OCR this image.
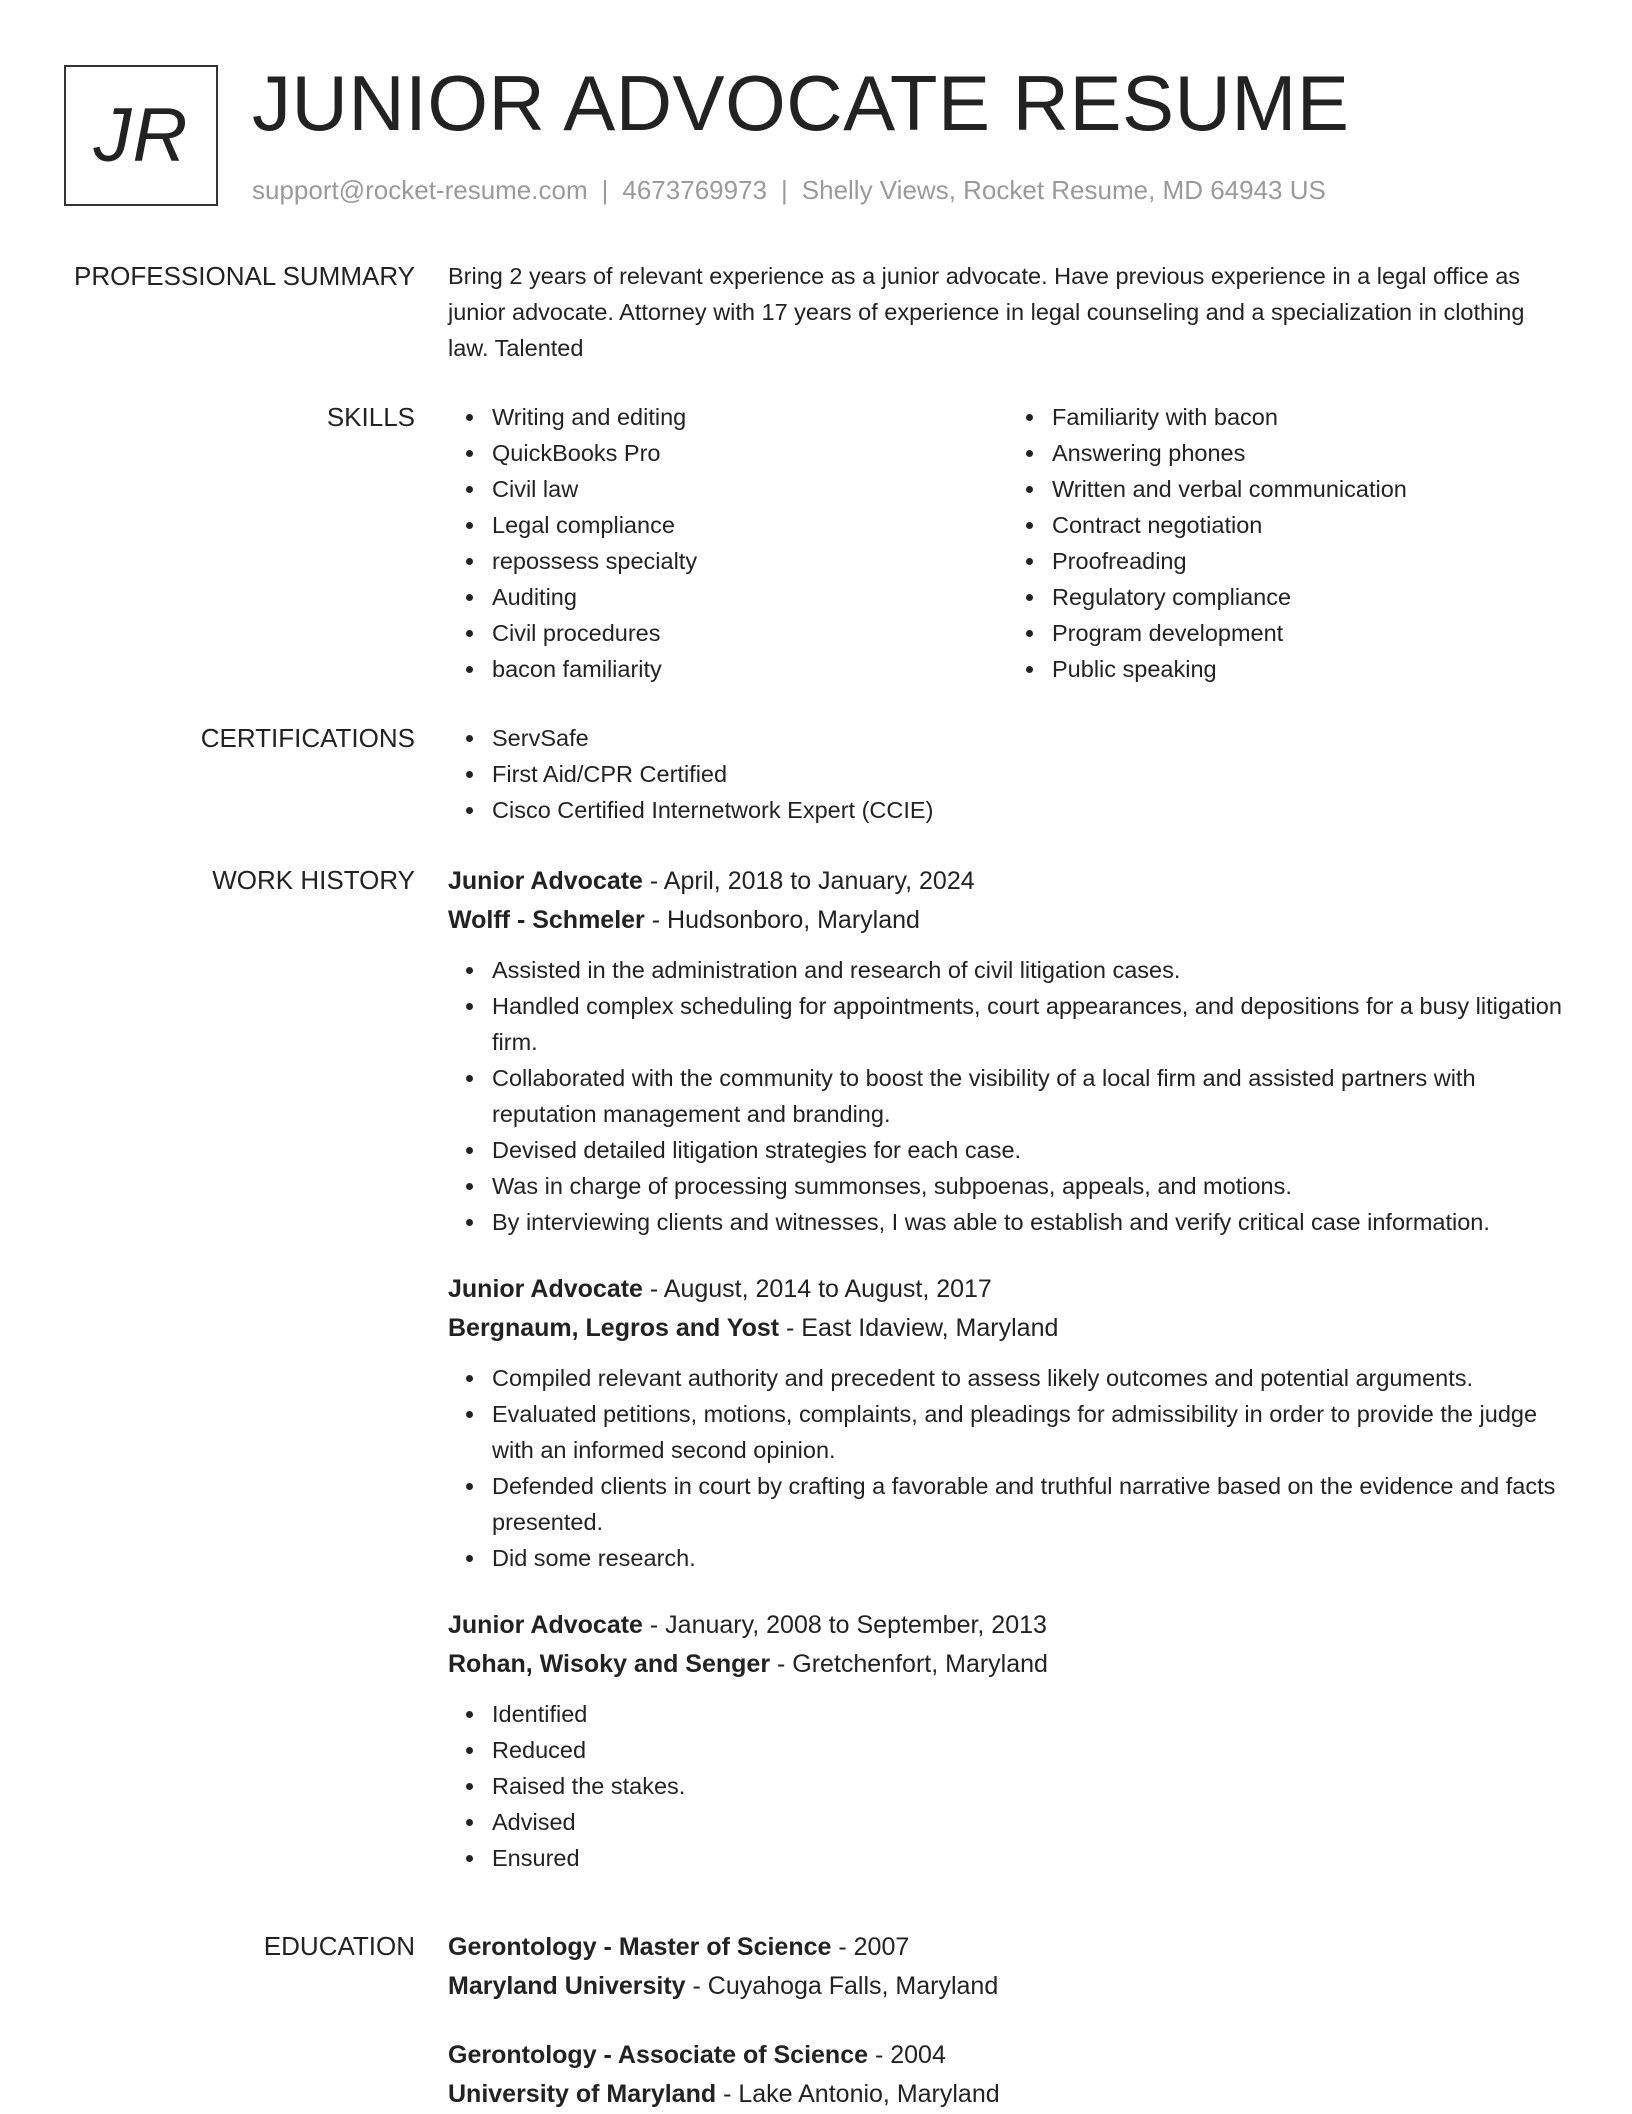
JR JUNIOR ADVOCATE RESUME
support@rocket-resume.com | 4673769973 | Shelly Views, Rocket Resume, MD 64943 US
PROFESSIONAL SUMMARY Bring 2 years of relevant experience as a junior advocate. Have previous experience in a legal office as junior advocate. Attorney with 17 years of experience in legal counseling and a specialization in clothing law. Talented
SKILLS	Writing and editing
QuickBooks Pro
Civil law
Legal compliance
repossess specialty
Auditing
Civil procedures
bacon familiarity
Familiarity with bacon
Answering phones
Written and verbal communication
Contract negotiation
Proofreading
Regulatory compliance
Program development
Public speaking
CERTIFICATIONS	ServSafe
First Aid/CPR Certified
Cisco Certified Internetwork Expert (CCIE)
WORK HISTORY Junior Advocate - April, 2018 to January, 2024
Wolff - Schmeler - Hudsonboro, Maryland
Assisted in the administration and research of civil litigation cases.
Handled complex scheduling for appointments, court appearances, and depositions for a busy litigation firm.
Collaborated with the community to boost the visibility of a local firm and assisted partners with reputation management and branding.
Devised detailed litigation strategies for each case.
Was in charge of processing summonses, subpoenas, appeals, and motions.
By interviewing clients and witnesses, I was able to establish and verify critical case information.
Junior Advocate - August, 2014 to August, 2017
Bergnaum, Legros and Yost - East Idaview, Maryland
Compiled relevant authority and precedent to assess likely outcomes and potential arguments.
Evaluated petitions, motions, complaints, and pleadings for admissibility in order to provide the judge with an informed second opinion.
Defended clients in court by crafting a favorable and truthful narrative based on the evidence and facts presented.
Did some research.
Junior Advocate - January, 2008 to September, 2013
Rohan, Wisoky and Senger - Gretchenfort, Maryland
Identified
Reduced
Raised the stakes.
Advised
Ensured
EDUCATION Gerontology - Master of Science - 2007
Maryland University - Cuyahoga Falls, Maryland
Gerontology - Associate of Science - 2004
University of Maryland - Lake Antonio, Maryland
